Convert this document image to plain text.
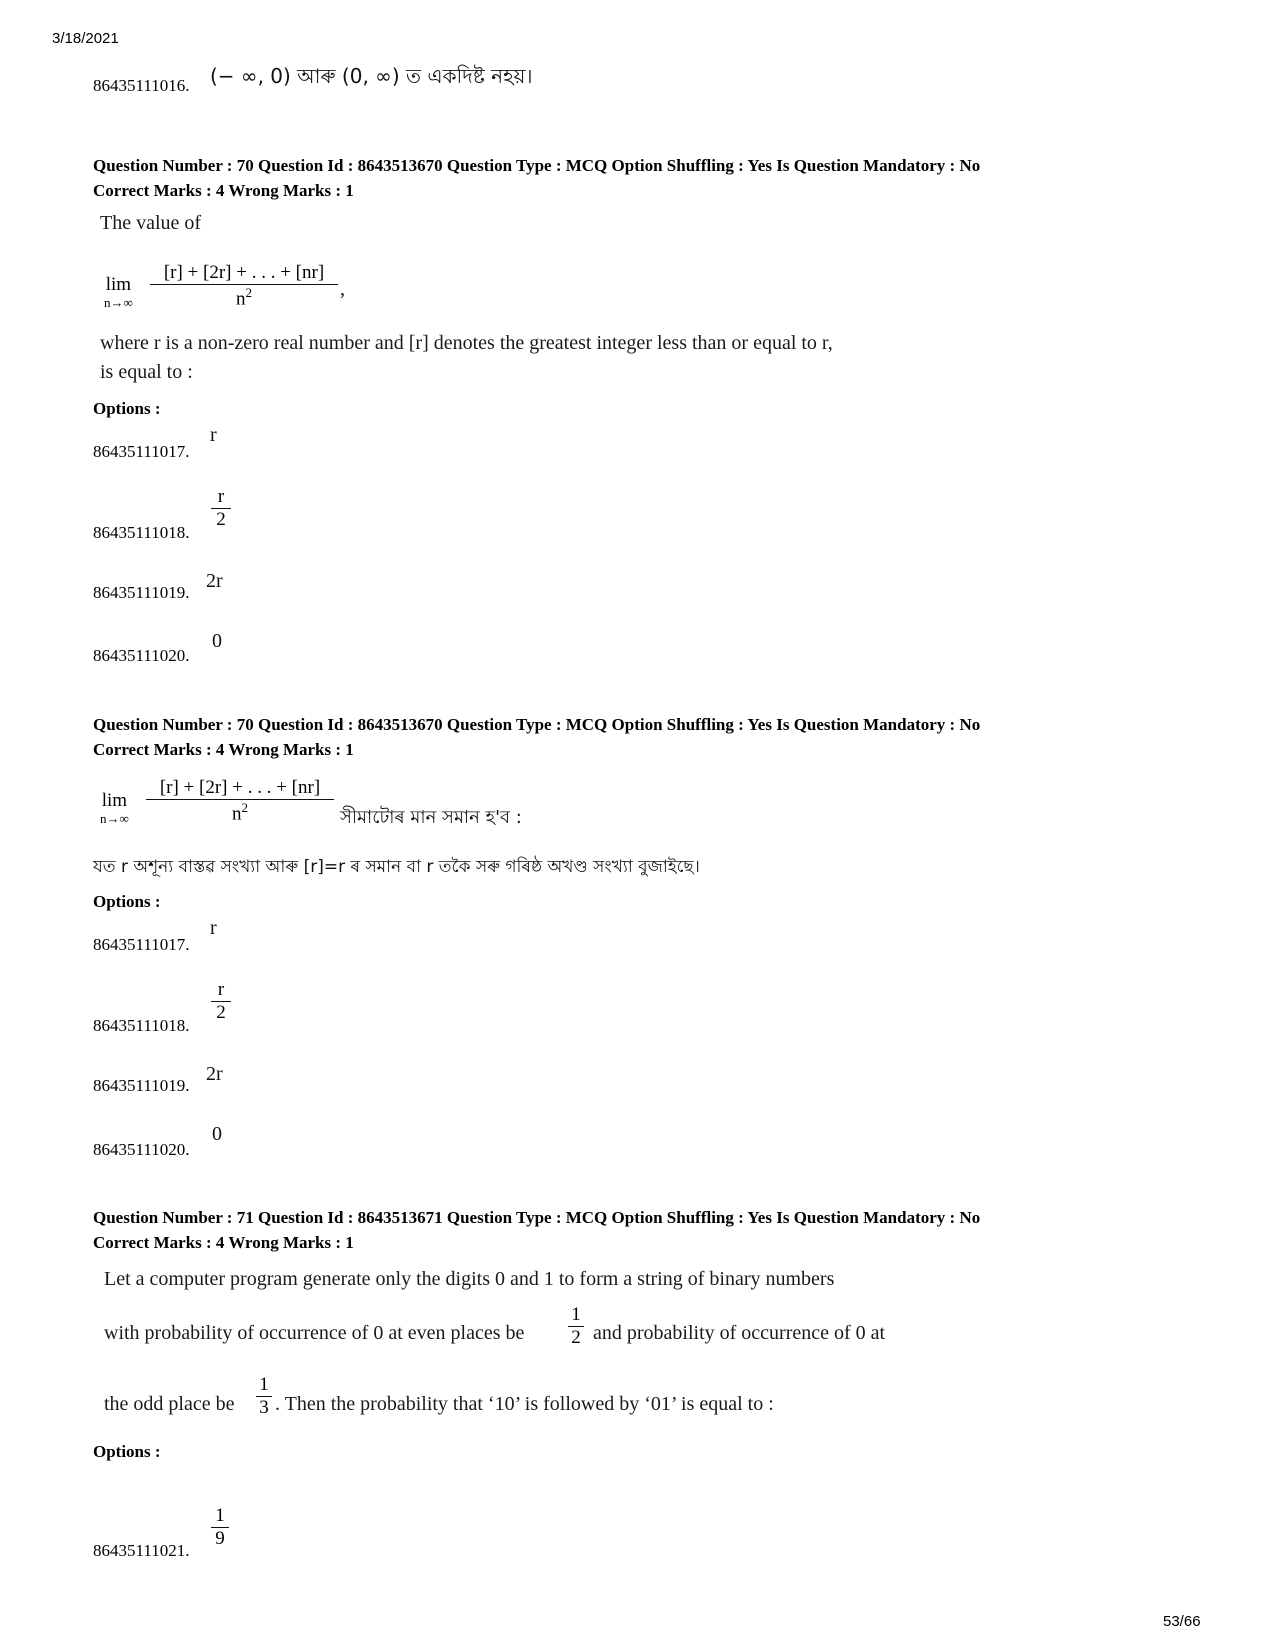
3/18/2021
53/66
86435111016. (− ∞, 0) আৰু (0, ∞) ত একদিষ্ট নহয়।
Question Number : 70 Question Id : 8643513670 Question Type : MCQ Option Shuffling : Yes Is Question Mandatory : No
Correct Marks : 4 Wrong Marks : 1
The value of
lim
n→∞
[r] + [2r] + . . . + [nr]
$n^2$	,
where r is a non-zero real number and [r] denotes the greatest integer less than or equal to r,
is equal to :
Options :
86435111017.
r
86435111018.
r
2
86435111019.
2r
86435111020.
0
Question Number : 70 Question Id : 8643513670 Question Type : MCQ Option Shuffling : Yes Is Question Mandatory : No
Correct Marks : 4 Wrong Marks : 1
lim
n→∞
[r] + [2r] + . . . + [nr]
$n^2$	সীমাটোৰ মান সমান হ'ব :
যত r অশূন্য বাস্তৱ সংখ্যা আৰু [r]=r ৰ সমান বা r তকৈ সৰু গৰিষ্ঠ অখণ্ড সংখ্যা বুজাইছে।
Options :
86435111017.
r
86435111018.
r
2
86435111019.
2r
86435111020.
0
Question Number : 71 Question Id : 8643513671 Question Type : MCQ Option Shuffling : Yes Is Question Mandatory : No
Correct Marks : 4 Wrong Marks : 1
Let a computer program generate only the digits 0 and 1 to form a string of binary numbers
with probability of occurrence of 0 at even places be
1
2 and probability of occurrence of 0 at
the odd place be
1
3 . Then the probability that ‘10’ is followed by ‘01’ is equal to :
Options :
86435111021.
1
9
